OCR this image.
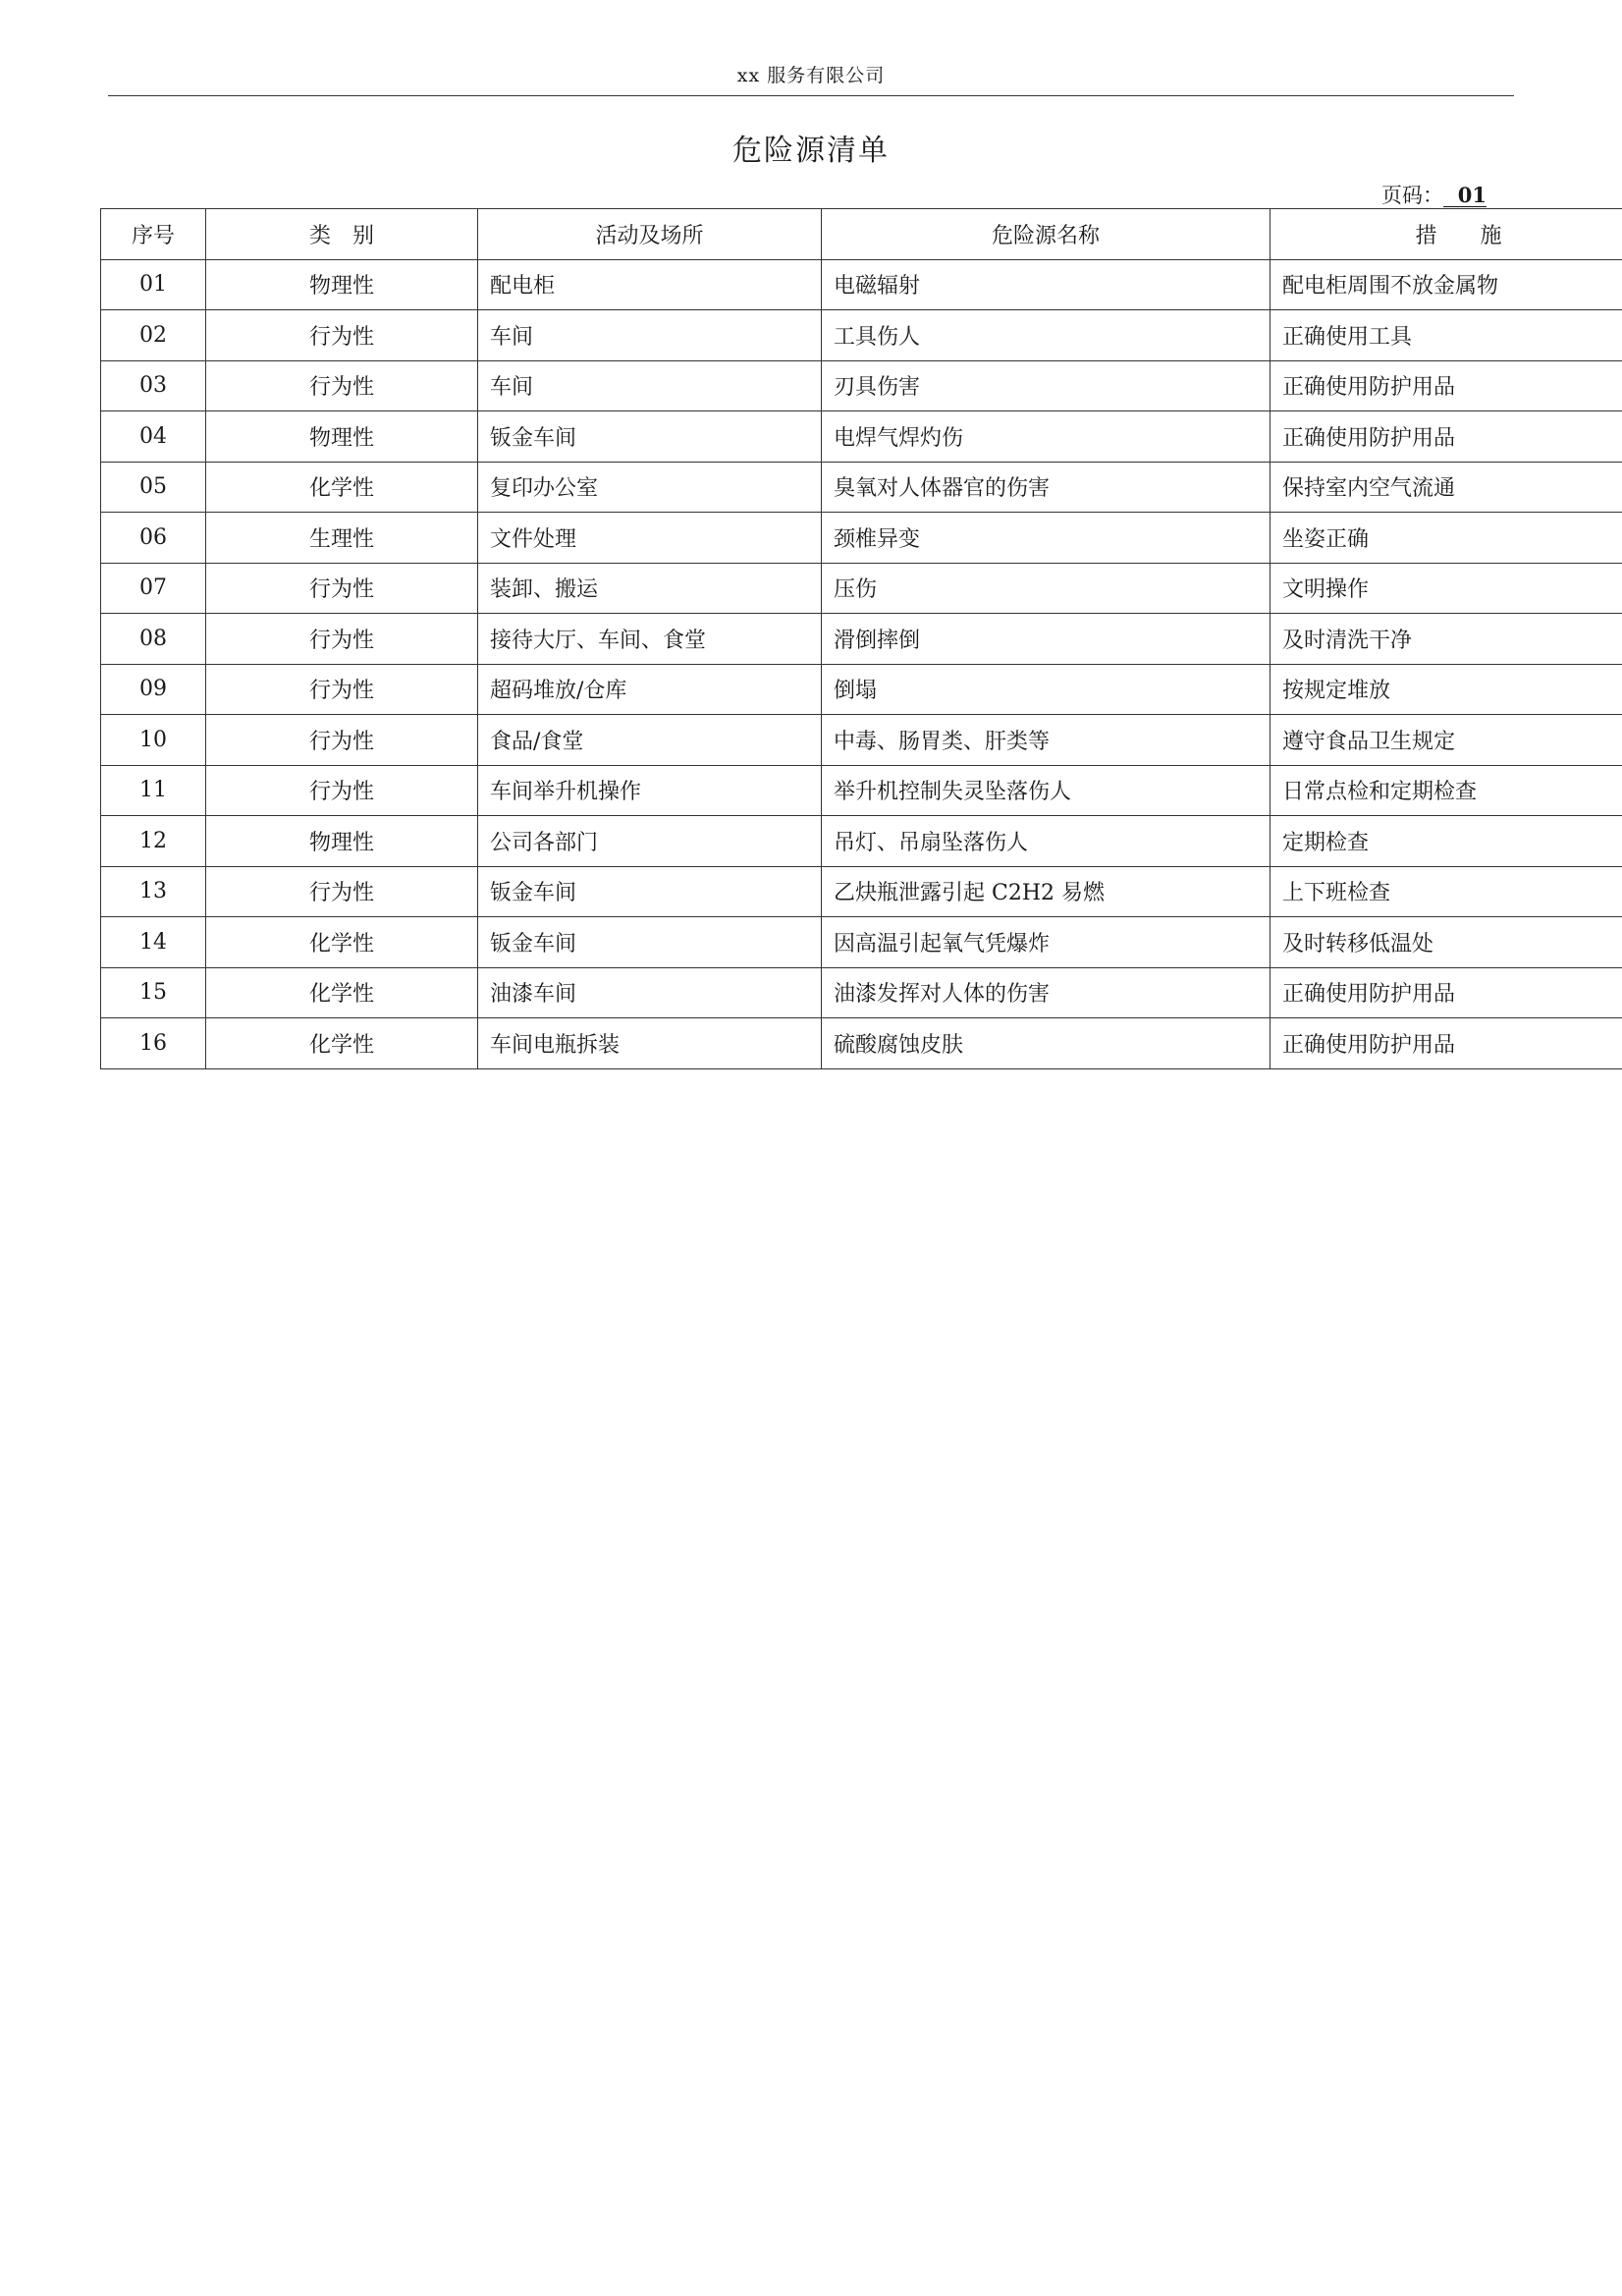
xx 服务有限公司
危险源清单
页码： 01
序号	类　别	活动及场所	危险源名称	措　　施
01	物理性	配电柜	电磁辐射	配电柜周围不放金属物
02	行为性	车间	工具伤人	正确使用工具
03	行为性	车间	刃具伤害	正确使用防护用品
04	物理性	钣金车间	电焊气焊灼伤	正确使用防护用品
05	化学性	复印办公室	臭氧对人体器官的伤害	保持室内空气流通
06	生理性	文件处理	颈椎异变	坐姿正确
07	行为性	装卸、搬运	压伤	文明操作
08	行为性	接待大厅、车间、食堂	滑倒摔倒	及时清洗干净
09	行为性	超码堆放/仓库	倒塌	按规定堆放
10	行为性	食品/食堂	中毒、肠胃类、肝类等	遵守食品卫生规定
11	行为性	车间举升机操作	举升机控制失灵坠落伤人	日常点检和定期检查
12	物理性	公司各部门	吊灯、吊扇坠落伤人	定期检查
13	行为性	钣金车间	乙炔瓶泄露引起 C2H2 易燃	上下班检查
14	化学性	钣金车间	因高温引起氧气凭爆炸	及时转移低温处
15	化学性	油漆车间	油漆发挥对人体的伤害	正确使用防护用品
16	化学性	车间电瓶拆装	硫酸腐蚀皮肤	正确使用防护用品
